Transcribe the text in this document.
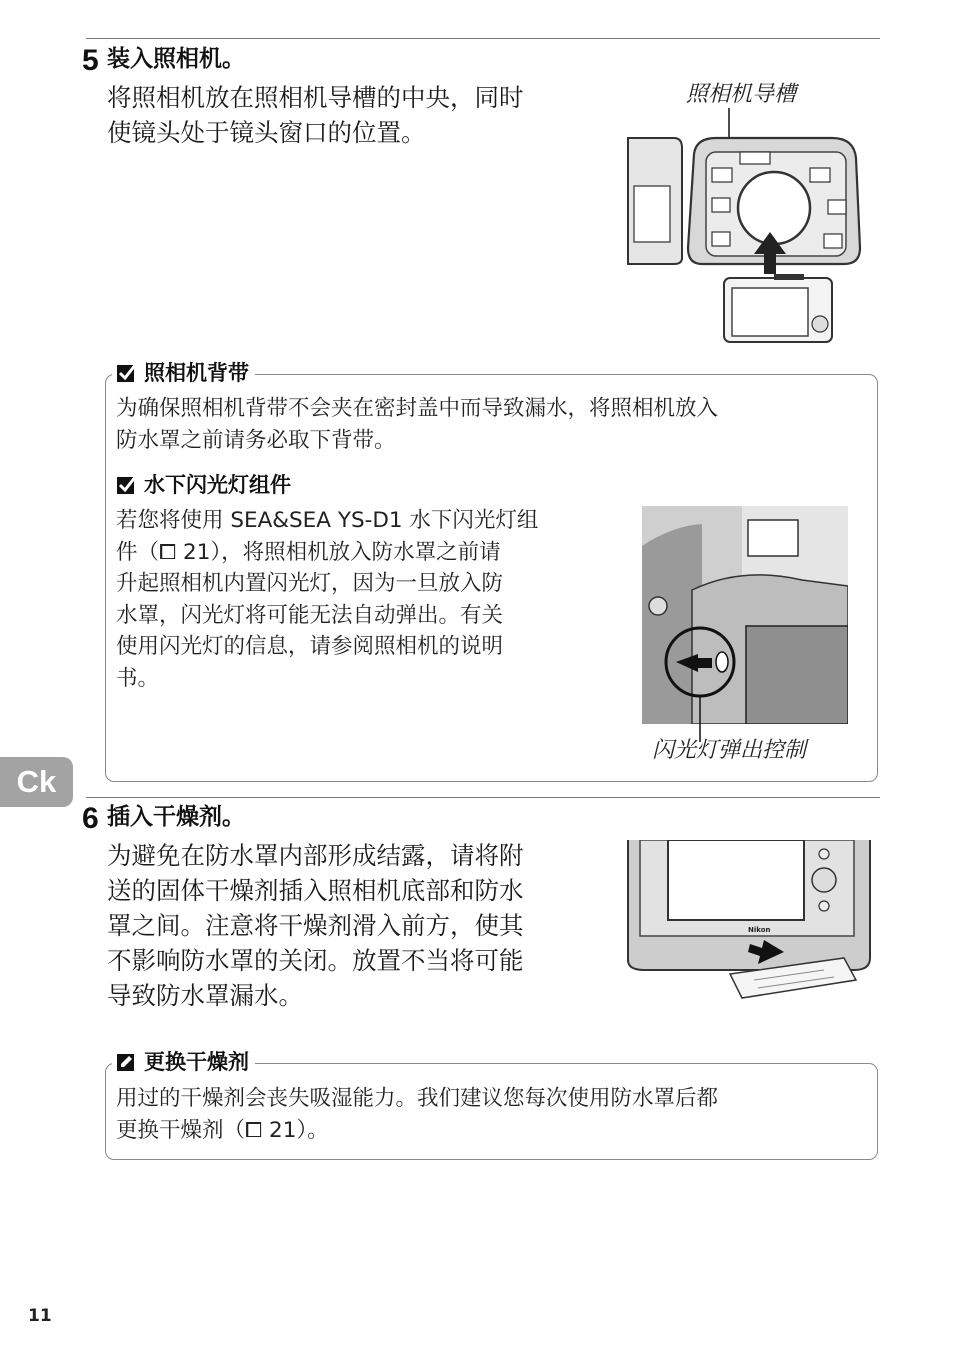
5 装入照相机。
将照相机放在照相机导槽的中央，同时
使镜头处于镜头窗口的位置。
照相机导槽
照相机背带
为确保照相机背带不会夹在密封盖中而导致漏水，将照相机放入
防水罩之前请务必取下背带。
水下闪光灯组件
若您将使用 SEA&SEA YS-D1 水下闪光灯组
件（⧠ 21），将照相机放入防水罩之前请
升起照相机内置闪光灯，因为一旦放入防
水罩，闪光灯将可能无法自动弹出。有关
使用闪光灯的信息，请参阅照相机的说明
书。
闪光灯弹出控制
Ck
6 插入干燥剂。
为避免在防水罩内部形成结露，请将附
送的固体干燥剂插入照相机底部和防水
罩之间。注意将干燥剂滑入前方，使其
不影响防水罩的关闭。放置不当将可能
导致防水罩漏水。
Nikon
更换干燥剂
用过的干燥剂会丧失吸湿能力。我们建议您每次使用防水罩后都
更换干燥剂（⧠ 21）。
11
